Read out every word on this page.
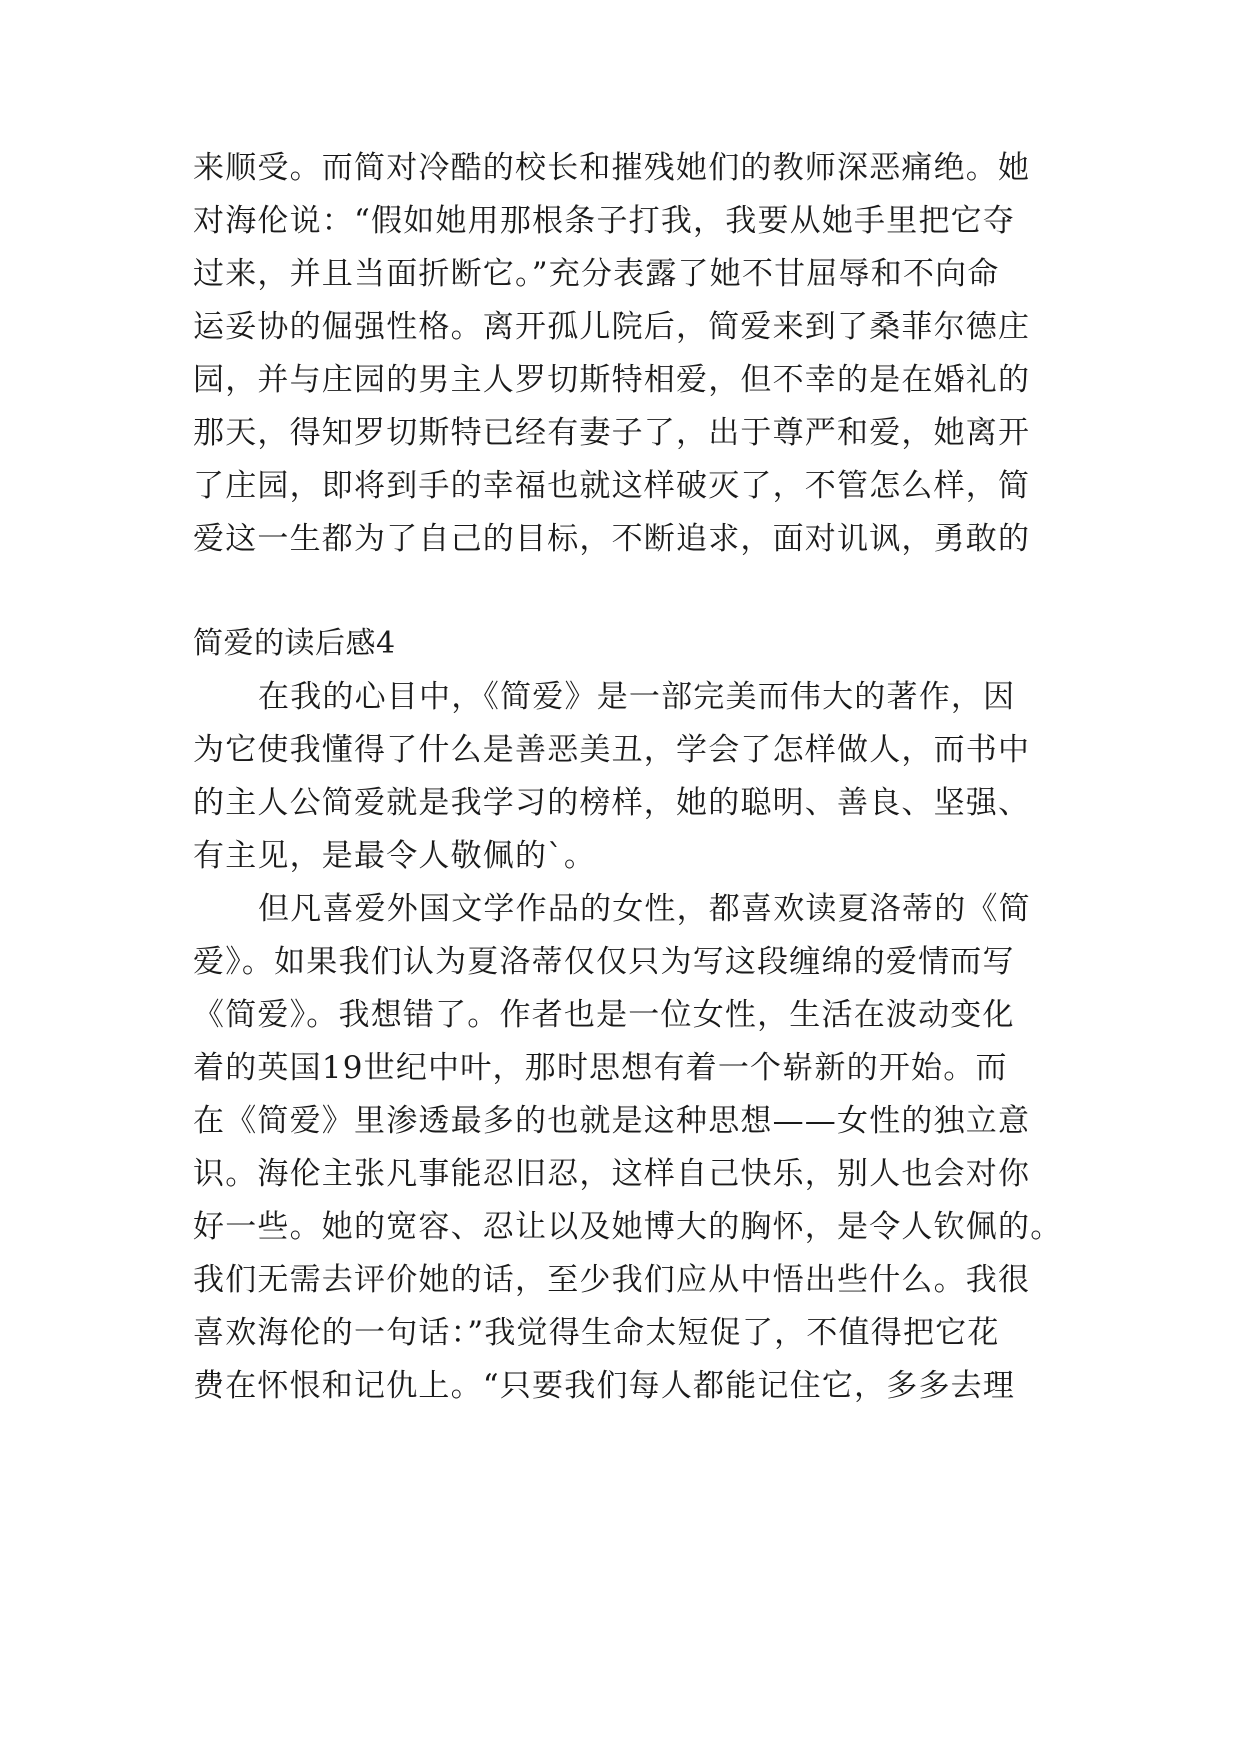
来顺受。而简对冷酷的校长和摧残她们的教师深恶痛绝。她
对海伦说：“假如她用那根条子打我，我要从她手里把它夺
过来，并且当面折断它。”充分表露了她不甘屈辱和不向命
运妥协的倔强性格。离开孤儿院后，简爱来到了桑菲尔德庄
园，并与庄园的男主人罗切斯特相爱，但不幸的是在婚礼的
那天，得知罗切斯特已经有妻子了，出于尊严和爱，她离开
了庄园，即将到手的幸福也就这样破灭了，不管怎么样，简
爱这一生都为了自己的目标，不断追求，面对讥讽，勇敢的
简爱的读后感4
在我的心目中，《简爱》是一部完美而伟大的著作，因
为它使我懂得了什么是善恶美丑，学会了怎样做人，而书中
的主人公简爱就是我学习的榜样，她的聪明、善良、坚强、
有主见，是最令人敬佩的`。
但凡喜爱外国文学作品的女性，都喜欢读夏洛蒂的《简
爱》。如果我们认为夏洛蒂仅仅只为写这段缠绵的爱情而写
《简爱》。我想错了。作者也是一位女性，生活在波动变化
着的英国19世纪中叶，那时思想有着一个崭新的开始。而
在《简爱》里渗透最多的也就是这种思想——女性的独立意
识。海伦主张凡事能忍旧忍，这样自己快乐，别人也会对你
好一些。她的宽容、忍让以及她博大的胸怀，是令人钦佩的。
我们无需去评价她的话，至少我们应从中悟出些什么。我很
喜欢海伦的一句话：”我觉得生命太短促了，不值得把它花
费在怀恨和记仇上。“只要我们每人都能记住它，多多去理
